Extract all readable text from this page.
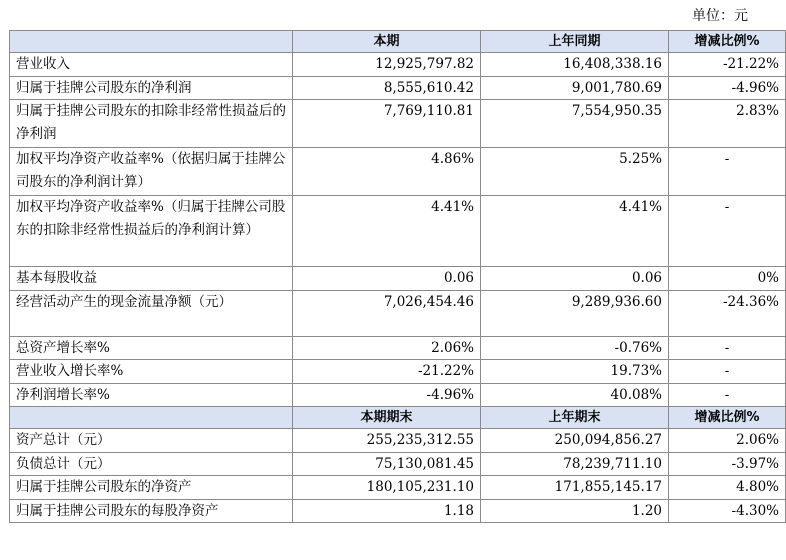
单位：元
	本期	上年同期	增减比例%
营业收入	12,925,797.82	16,408,338.16	-21.22%
归属于挂牌公司股东的净利润	8,555,610.42	9,001,780.69	-4.96%
归属于挂牌公司股东的扣除非经常性损益后的净利润	7,769,110.81	7,554,950.35	2.83%
加权平均净资产收益率%（依据归属于挂牌公司股东的净利润计算）	4.86%	5.25%	-
加权平均净资产收益率%（归属于挂牌公司股东的扣除非经常性损益后的净利润计算）	4.41%	4.41%	-
基本每股收益	0.06	0.06	0%
经营活动产生的现金流量净额（元）	7,026,454.46	9,289,936.60	-24.36%
总资产增长率%	2.06%	-0.76%	-
营业收入增长率%	-21.22%	19.73%	-
净利润增长率%	-4.96%	40.08%	-
	本期期末	上年期末	增减比例%
资产总计（元）	255,235,312.55	250,094,856.27	2.06%
负债总计（元）	75,130,081.45	78,239,711.10	-3.97%
归属于挂牌公司股东的净资产	180,105,231.10	171,855,145.17	4.80%
归属于挂牌公司股东的每股净资产	1.18	1.20	-4.30%
